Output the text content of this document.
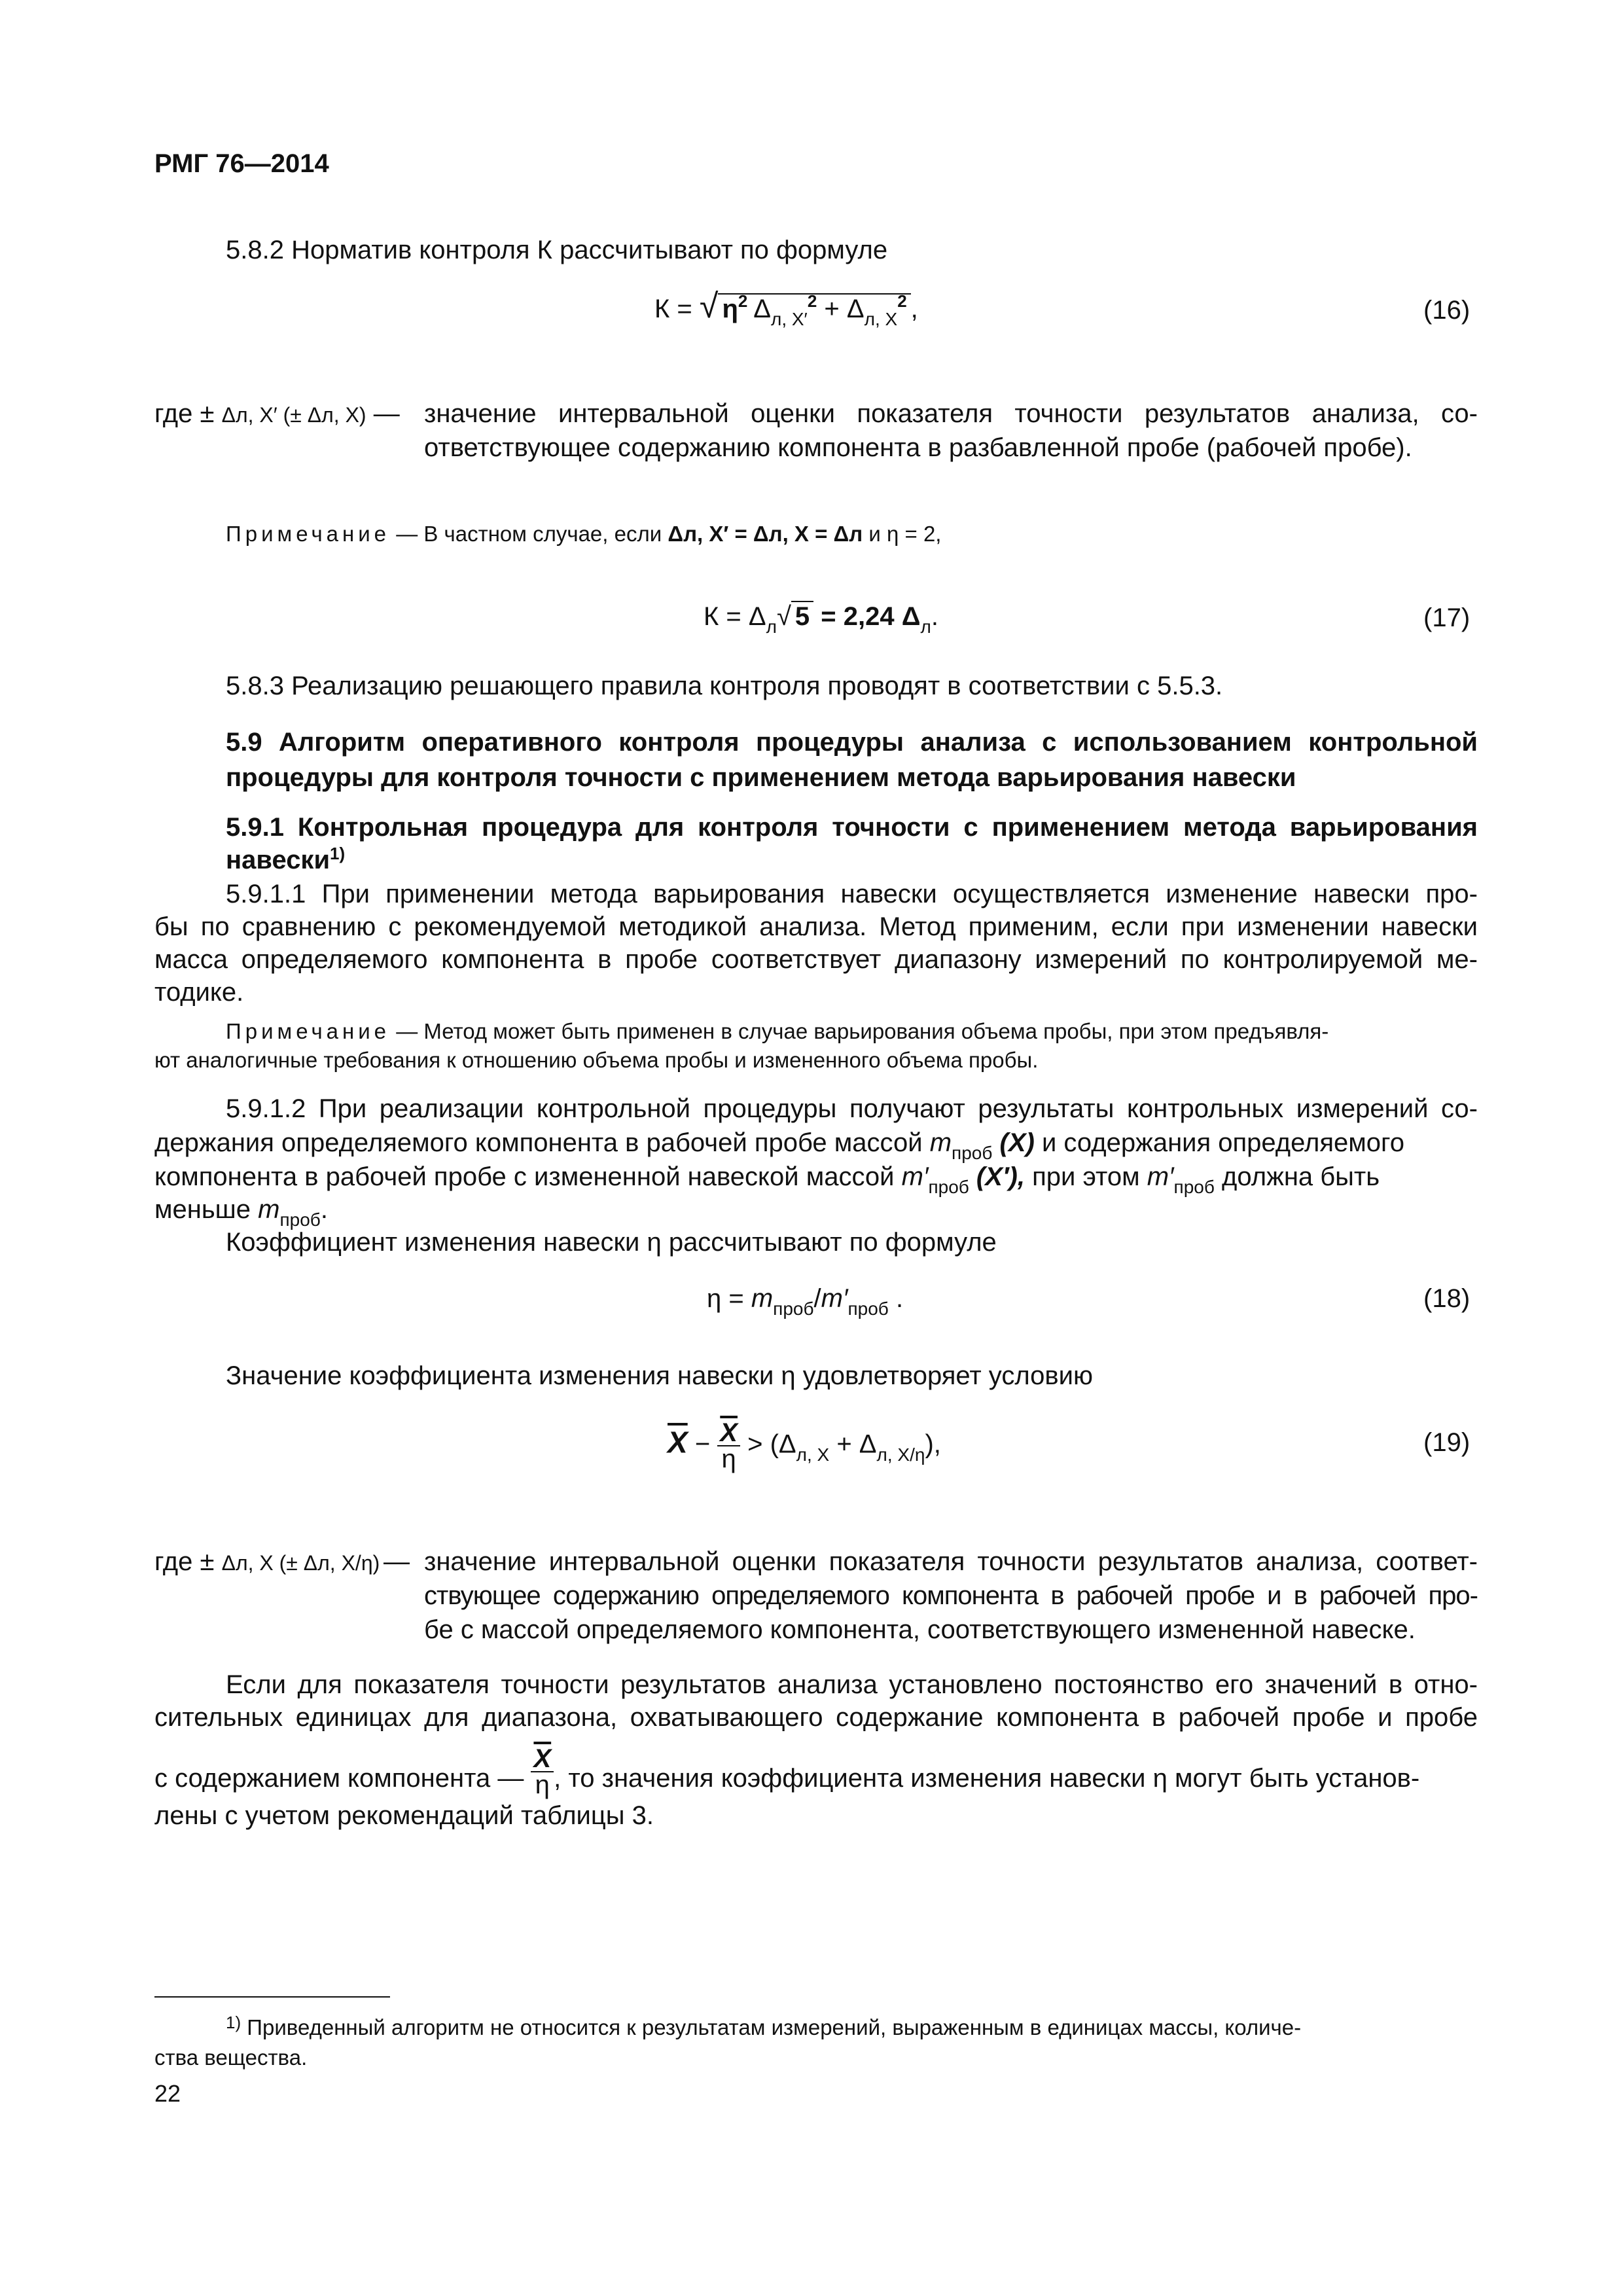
РМГ 76—2014
5.8.2 Норматив контроля К рассчитывают по формуле
К = √ $\eta^2$ $\Delta_{л, X'}^2 + \Delta_{л, X}^2$ ,	(16)
где ± Δл, X′ (± Δл, X) — значение интервальной оценки показателя точности результатов анализа, со-
ответствующее содержанию компонента в разбавленной пробе (рабочей пробе).
Примечание — В частном случае, если Δл, X′ = Δл, X = Δл и η = 2,
$К = \Delta_л√$ 5 = 2,24 $\Delta_л$.	(17)
5.8.3 Реализацию решающего правила контроля проводят в соответствии с 5.5.3.
5.9 Алгоритм оперативного контроля процедуры анализа с использованием контрольной
процедуры для контроля точности с применением метода варьирования навески
5.9.1 Контрольная процедура для контроля точности с применением метода варьирования
навески$^{1)}$
5.9.1.1 При применении метода варьирования навески осуществляется изменение навески про-
бы по сравнению с рекомендуемой методикой анализа. Метод применим, если при изменении навески
масса определяемого компонента в пробе соответствует диапазону измерений по контролируемой ме-
тодике.
Примечание — Метод может быть применен в случае варьирования объема пробы, при этом предъявля-
ют аналогичные требования к отношению объема пробы и измененного объема пробы.
5.9.1.2 При реализации контрольной процедуры получают результаты контрольных измерений со-
держания определяемого компонента в рабочей пробе массой $m_{проб}$ (X) и содержания определяемого
компонента в рабочей пробе с измененной навеской массой $m'_{проб}$ (X′), при этом $m'_{проб}$ должна быть
меньше $m_{проб}$.
Коэффициент изменения навески η рассчитывают по формуле
$\eta = m_{проб}/m'_{проб}$ .	(18)
Значение коэффициента изменения навески η удовлетворяет условию
$\overline{X} - \frac{\overline{X}}{\eta} > (\Delta_{л, X} + \Delta_{л, X/\eta})$,	(19)
где ± Δл, X (± Δл, X/η) — значение интервальной оценки показателя точности результатов анализа, соответ-
ствующее содержанию определяемого компонента в рабочей пробе и в рабочей про-
бе с массой определяемого компонента, соответствующего измененной навеске.
Если для показателя точности результатов анализа установлено постоянство его значений в отно-
сительных единицах для диапазона, охватывающего содержание компонента в рабочей пробе и пробе
с содержанием компонента — $\frac{\overline{X}}{\eta}$ , то значения коэффициента изменения навески η могут быть установ-
лены с учетом рекомендаций таблицы 3.
$^{1)}$ Приведенный алгоритм не относится к результатам измерений, выраженным в единицах массы, количе-
ства вещества.
22
